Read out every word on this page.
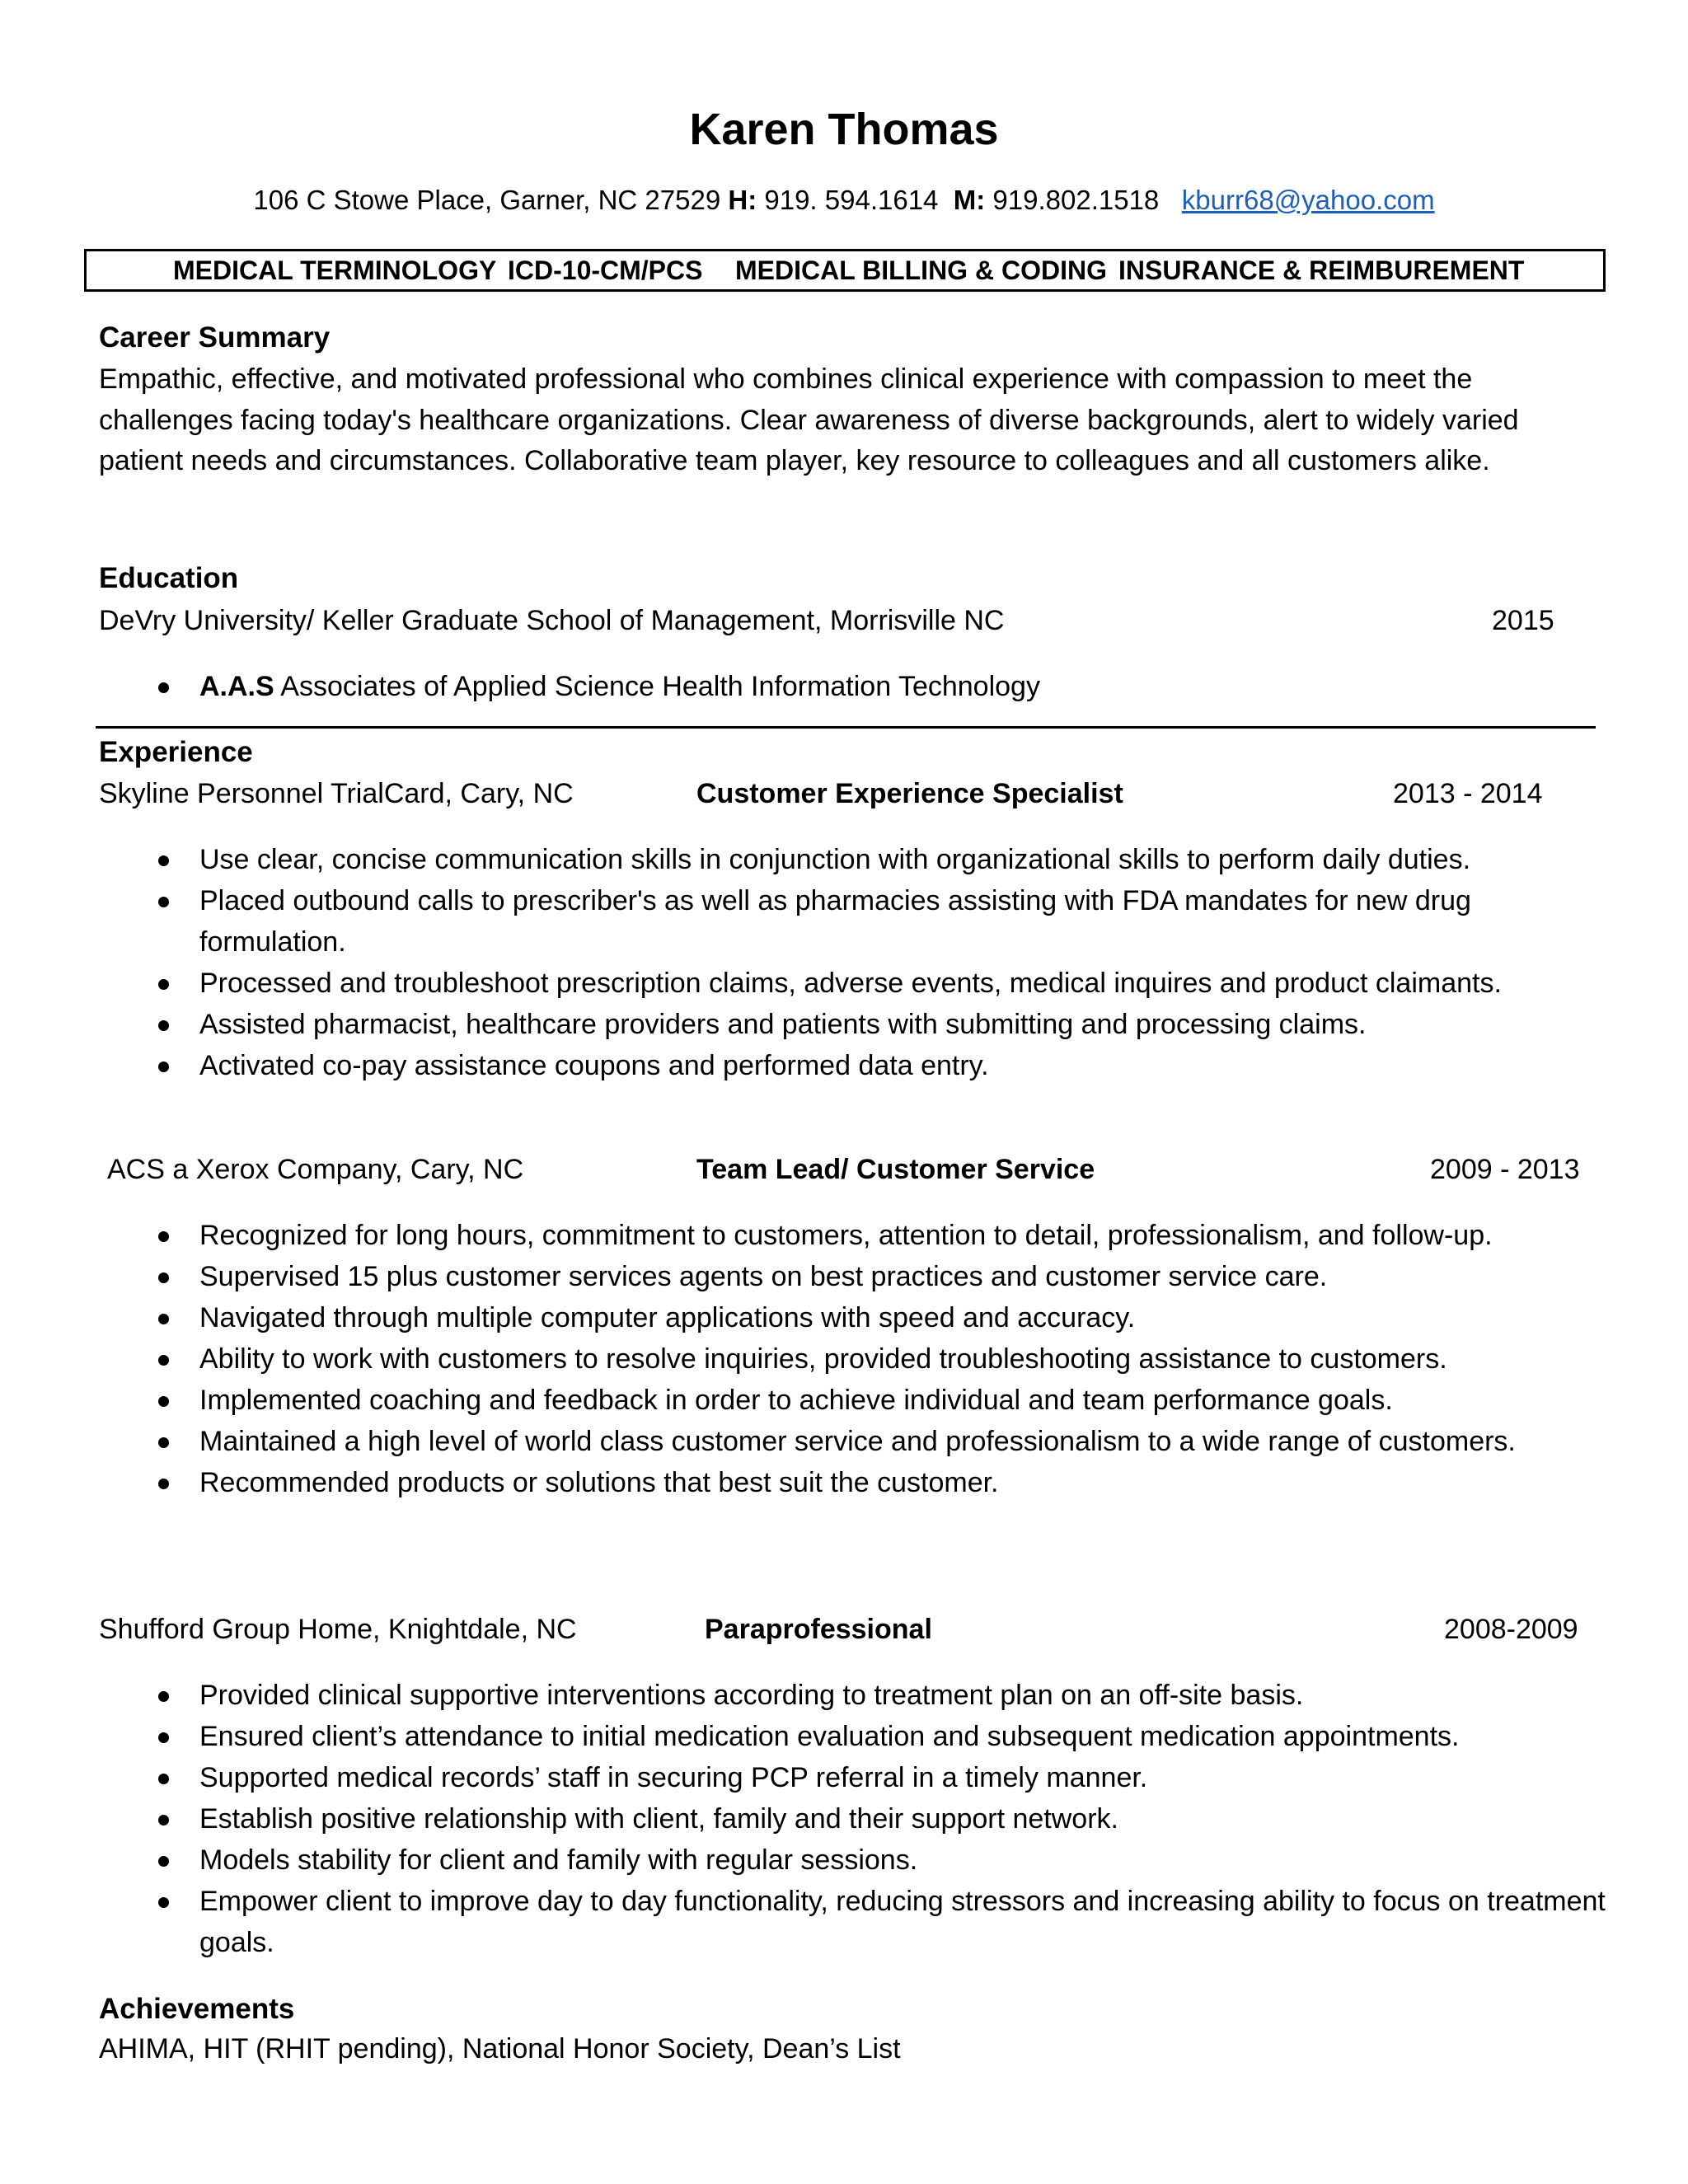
Karen Thomas
106 C Stowe Place, Garner, NC 27529 H: 919. 594.1614 M: 919.802.1518 kburr68@yahoo.com
MEDICAL TERMINOLOGY ICD-10-CM/PCS MEDICAL BILLING & CODING INSURANCE & REIMBUREMENT
Career Summary
Empathic, effective, and motivated professional who combines clinical experience with compassion to meet the challenges facing today's healthcare organizations. Clear awareness of diverse backgrounds, alert to widely varied patient needs and circumstances. Collaborative team player, key resource to colleagues and all customers alike.
Education
DeVry University/ Keller Graduate School of Management, Morrisville NC	2015
A.A.S Associates of Applied Science Health Information Technology
Experience
Skyline Personnel TrialCard, Cary, NC	Customer Experience Specialist	2013 - 2014
Use clear, concise communication skills in conjunction with organizational skills to perform daily duties.
Placed outbound calls to prescriber's as well as pharmacies assisting with FDA mandates for new drug formulation.
Processed and troubleshoot prescription claims, adverse events, medical inquires and product claimants.
Assisted pharmacist, healthcare providers and patients with submitting and processing claims.
Activated co-pay assistance coupons and performed data entry.
ACS a Xerox Company, Cary, NC	Team Lead/ Customer Service	2009 - 2013
Recognized for long hours, commitment to customers, attention to detail, professionalism, and follow-up.
Supervised 15 plus customer services agents on best practices and customer service care.
Navigated through multiple computer applications with speed and accuracy.
Ability to work with customers to resolve inquiries, provided troubleshooting assistance to customers.
Implemented coaching and feedback in order to achieve individual and team performance goals.
Maintained a high level of world class customer service and professionalism to a wide range of customers.
Recommended products or solutions that best suit the customer.
Shufford Group Home, Knightdale, NC	Paraprofessional	2008-2009
Provided clinical supportive interventions according to treatment plan on an off-site basis.
Ensured client’s attendance to initial medication evaluation and subsequent medication appointments.
Supported medical records’ staff in securing PCP referral in a timely manner.
Establish positive relationship with client, family and their support network.
Models stability for client and family with regular sessions.
Empower client to improve day to day functionality, reducing stressors and increasing ability to focus on treatment goals.
Achievements
AHIMA, HIT (RHIT pending), National Honor Society, Dean’s List
